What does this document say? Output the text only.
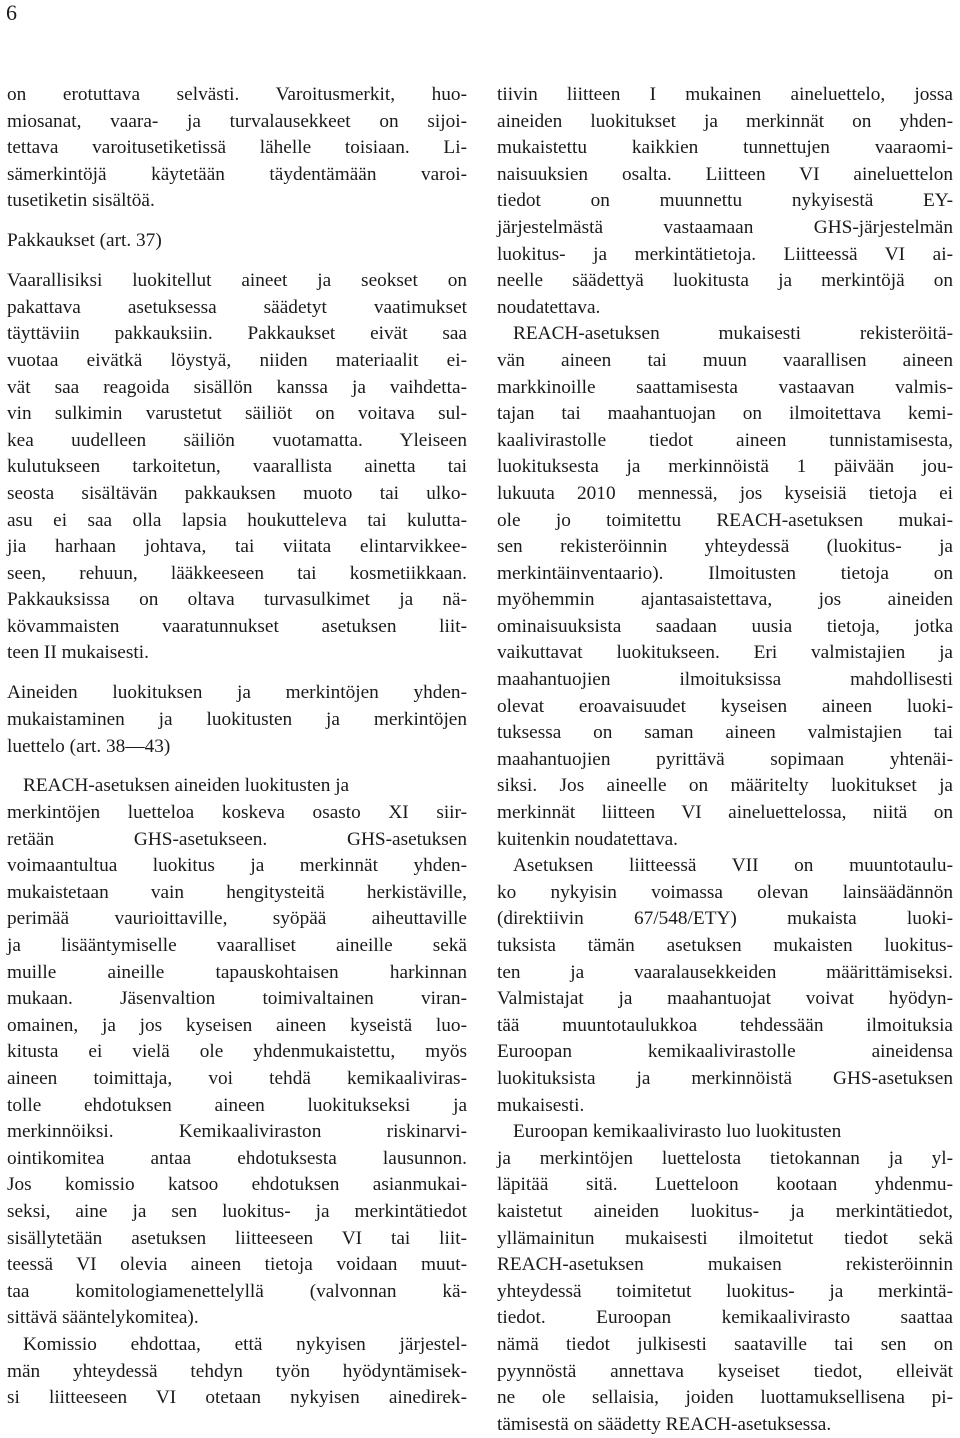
6
on erotuttava selvästi. Varoitusmerkit, huo-
miosanat, vaara- ja turvalausekkeet on sijoi-
tettava varoitusetiketissä lähelle toisiaan. Li-
sämerkintöjä käytetään täydentämään varoi-
tusetiketin sisältöä.
Pakkaukset (art. 37)
Vaarallisiksi luokitellut aineet ja seokset on
pakattava asetuksessa säädetyt vaatimukset
täyttäviin pakkauksiin. Pakkaukset eivät saa
vuotaa eivätkä löystyä, niiden materiaalit ei-
vät saa reagoida sisällön kanssa ja vaihdetta-
vin sulkimin varustetut säiliöt on voitava sul-
kea uudelleen säiliön vuotamatta. Yleiseen
kulutukseen tarkoitetun, vaarallista ainetta tai
seosta sisältävän pakkauksen muoto tai ulko-
asu ei saa olla lapsia houkutteleva tai kulutta-
jia harhaan johtava, tai viitata elintarvikkee-
seen, rehuun, lääkkeeseen tai kosmetiikkaan.
Pakkauksissa on oltava turvasulkimet ja nä-
kövammaisten vaaratunnukset asetuksen liit-
teen II mukaisesti.
Aineiden luokituksen ja merkintöjen yhden-
mukaistaminen ja luokitusten ja merkintöjen
luettelo (art. 38—43)
REACH-asetuksen aineiden luokitusten ja
merkintöjen luetteloa koskeva osasto XI siir-
retään GHS-asetukseen. GHS-asetuksen
voimaantultua luokitus ja merkinnät yhden-
mukaistetaan vain hengitysteitä herkistäville,
perimää vaurioittaville, syöpää aiheuttaville
ja lisääntymiselle vaaralliset aineille sekä
muille aineille tapauskohtaisen harkinnan
mukaan. Jäsenvaltion toimivaltainen viran-
omainen, ja jos kyseisen aineen kyseistä luo-
kitusta ei vielä ole yhdenmukaistettu, myös
aineen toimittaja, voi tehdä kemikaaliviras-
tolle ehdotuksen aineen luokitukseksi ja
merkinnöiksi. Kemikaaliviraston riskinarvi-
ointikomitea antaa ehdotuksesta lausunnon.
Jos komissio katsoo ehdotuksen asianmukai-
seksi, aine ja sen luokitus- ja merkintätiedot
sisällytetään asetuksen liitteeseen VI tai liit-
teessä VI olevia aineen tietoja voidaan muut-
taa komitologiamenettelyllä (valvonnan kä-
sittävä sääntelykomitea).
Komissio ehdottaa, että nykyisen järjestel-
män yhteydessä tehdyn työn hyödyntämisek-
si liitteeseen VI otetaan nykyisen ainedirek-
tiivin liitteen I mukainen aineluettelo, jossa
aineiden luokitukset ja merkinnät on yhden-
mukaistettu kaikkien tunnettujen vaaraomi-
naisuuksien osalta. Liitteen VI aineluettelon
tiedot on muunnettu nykyisestä EY-
järjestelmästä vastaamaan GHS-järjestelmän
luokitus- ja merkintätietoja. Liitteessä VI ai-
neelle säädettyä luokitusta ja merkintöjä on
noudatettava.
REACH-asetuksen mukaisesti rekisteröitä-
vän aineen tai muun vaarallisen aineen
markkinoille saattamisesta vastaavan valmis-
tajan tai maahantuojan on ilmoitettava kemi-
kaalivirastolle tiedot aineen tunnistamisesta,
luokituksesta ja merkinnöistä 1 päivään jou-
lukuuta 2010 mennessä, jos kyseisiä tietoja ei
ole jo toimitettu REACH-asetuksen mukai-
sen rekisteröinnin yhteydessä (luokitus- ja
merkintäinventaario). Ilmoitusten tietoja on
myöhemmin ajantasaistettava, jos aineiden
ominaisuuksista saadaan uusia tietoja, jotka
vaikuttavat luokitukseen. Eri valmistajien ja
maahantuojien ilmoituksissa mahdollisesti
olevat eroavaisuudet kyseisen aineen luoki-
tuksessa on saman aineen valmistajien tai
maahantuojien pyrittävä sopimaan yhtenäi-
siksi. Jos aineelle on määritelty luokitukset ja
merkinnät liitteen VI aineluettelossa, niitä on
kuitenkin noudatettava.
Asetuksen liitteessä VII on muuntotaulu-
ko nykyisin voimassa olevan lainsäädännön
(direktiivin 67/548/ETY) mukaista luoki-
tuksista tämän asetuksen mukaisten luokitus-
ten ja vaaralausekkeiden määrittämiseksi.
Valmistajat ja maahantuojat voivat hyödyn-
tää muuntotaulukkoa tehdessään ilmoituksia
Euroopan kemikaalivirastolle aineidensa
luokituksista ja merkinnöistä GHS-asetuksen
mukaisesti.
Euroopan kemikaalivirasto luo luokitusten
ja merkintöjen luettelosta tietokannan ja yl-
läpitää sitä. Luetteloon kootaan yhdenmu-
kaistetut aineiden luokitus- ja merkintätiedot,
yllämainitun mukaisesti ilmoitetut tiedot sekä
REACH-asetuksen mukaisen rekisteröinnin
yhteydessä toimitetut luokitus- ja merkintä-
tiedot. Euroopan kemikaalivirasto saattaa
nämä tiedot julkisesti saataville tai sen on
pyynnöstä annettava kyseiset tiedot, elleivät
ne ole sellaisia, joiden luottamuksellisena pi-
tämisestä on säädetty REACH-asetuksessa.
